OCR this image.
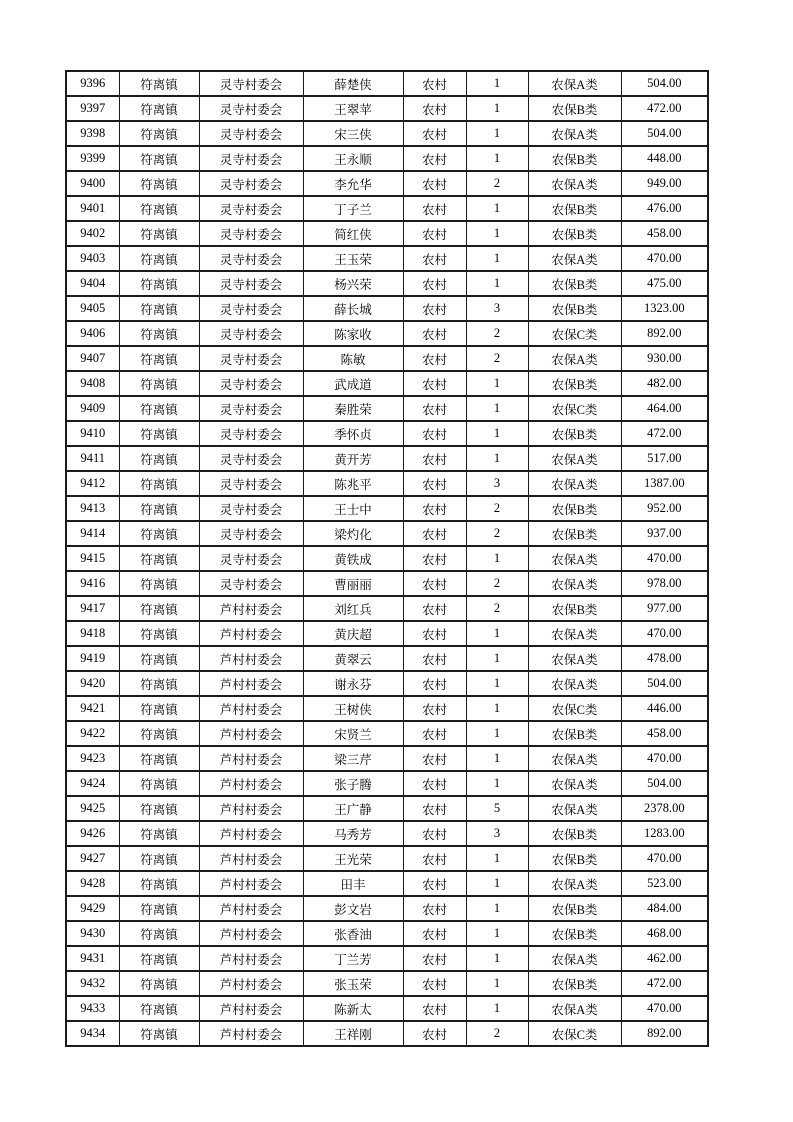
9396	符离镇	灵寺村委会	薛楚侠	农村	1	农保A类	504.00
9397	符离镇	灵寺村委会	王翠苹	农村	1	农保B类	472.00
9398	符离镇	灵寺村委会	宋三侠	农村	1	农保A类	504.00
9399	符离镇	灵寺村委会	王永顺	农村	1	农保B类	448.00
9400	符离镇	灵寺村委会	李允华	农村	2	农保A类	949.00
9401	符离镇	灵寺村委会	丁子兰	农村	1	农保B类	476.00
9402	符离镇	灵寺村委会	简红侠	农村	1	农保B类	458.00
9403	符离镇	灵寺村委会	王玉荣	农村	1	农保A类	470.00
9404	符离镇	灵寺村委会	杨兴荣	农村	1	农保B类	475.00
9405	符离镇	灵寺村委会	薛长城	农村	3	农保B类	1323.00
9406	符离镇	灵寺村委会	陈家收	农村	2	农保C类	892.00
9407	符离镇	灵寺村委会	陈敏	农村	2	农保A类	930.00
9408	符离镇	灵寺村委会	武成道	农村	1	农保B类	482.00
9409	符离镇	灵寺村委会	秦胜荣	农村	1	农保C类	464.00
9410	符离镇	灵寺村委会	季怀贞	农村	1	农保B类	472.00
9411	符离镇	灵寺村委会	黄开芳	农村	1	农保A类	517.00
9412	符离镇	灵寺村委会	陈兆平	农村	3	农保A类	1387.00
9413	符离镇	灵寺村委会	王士中	农村	2	农保B类	952.00
9414	符离镇	灵寺村委会	梁灼化	农村	2	农保B类	937.00
9415	符离镇	灵寺村委会	黄铁成	农村	1	农保A类	470.00
9416	符离镇	灵寺村委会	曹丽丽	农村	2	农保A类	978.00
9417	符离镇	芦村村委会	刘红兵	农村	2	农保B类	977.00
9418	符离镇	芦村村委会	黄庆超	农村	1	农保A类	470.00
9419	符离镇	芦村村委会	黄翠云	农村	1	农保A类	478.00
9420	符离镇	芦村村委会	谢永芬	农村	1	农保A类	504.00
9421	符离镇	芦村村委会	王树侠	农村	1	农保C类	446.00
9422	符离镇	芦村村委会	宋贤兰	农村	1	农保B类	458.00
9423	符离镇	芦村村委会	梁三芹	农村	1	农保A类	470.00
9424	符离镇	芦村村委会	张子腾	农村	1	农保A类	504.00
9425	符离镇	芦村村委会	王广静	农村	5	农保A类	2378.00
9426	符离镇	芦村村委会	马秀芳	农村	3	农保B类	1283.00
9427	符离镇	芦村村委会	王光荣	农村	1	农保B类	470.00
9428	符离镇	芦村村委会	田丰	农村	1	农保A类	523.00
9429	符离镇	芦村村委会	彭文岩	农村	1	农保B类	484.00
9430	符离镇	芦村村委会	张香油	农村	1	农保B类	468.00
9431	符离镇	芦村村委会	丁兰芳	农村	1	农保A类	462.00
9432	符离镇	芦村村委会	张玉荣	农村	1	农保B类	472.00
9433	符离镇	芦村村委会	陈新太	农村	1	农保A类	470.00
9434	符离镇	芦村村委会	王祥刚	农村	2	农保C类	892.00
